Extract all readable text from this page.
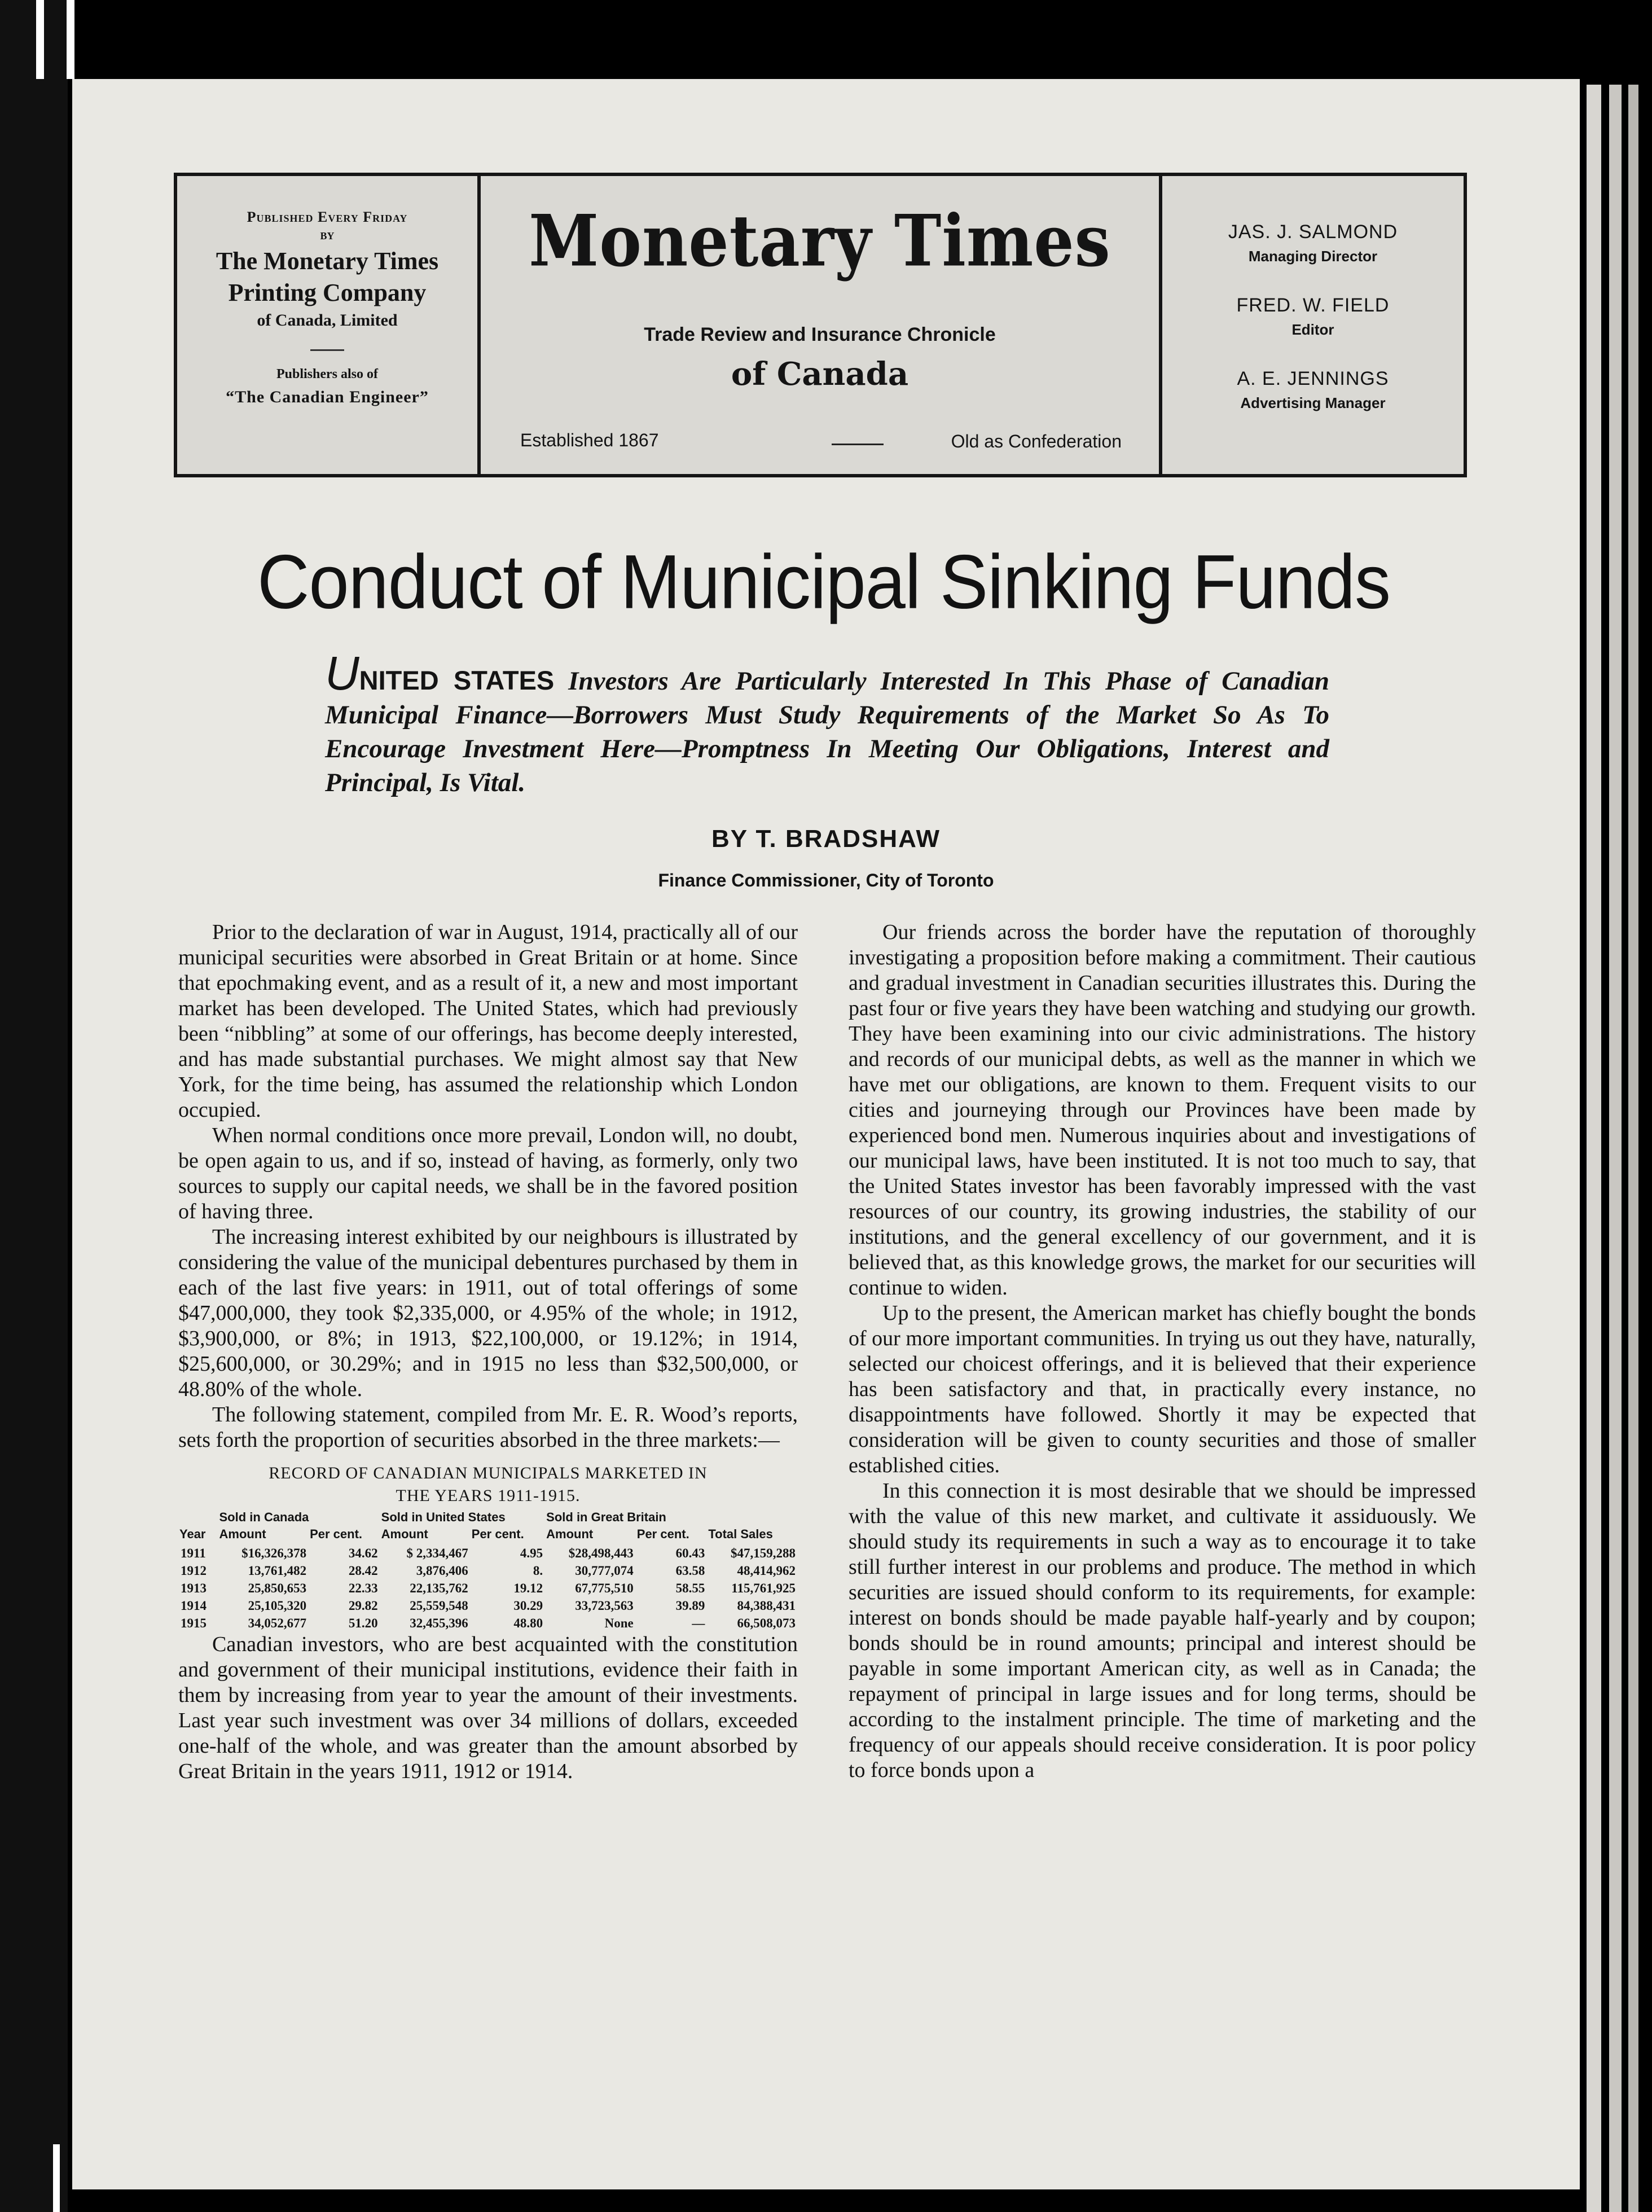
Published Every Friday
BY
The Monetary Times Printing Company
of Canada, Limited
Publishers also of
“The Canadian Engineer”
Monetary Times
Trade Review and Insurance Chronicle
of Canada
Established 1867	Old as Confederation
JAS. J. SALMOND
Managing Director
FRED. W. FIELD
Editor
A. E. JENNINGS
Advertising Manager
Conduct of Municipal Sinking Funds
UNITED STATES Investors Are Particularly Interested In This Phase of Canadian Municipal Finance—Borrowers Must Study Requirements of the Market So As To Encourage Investment Here—Promptness In Meeting Our Obligations, Interest and Principal, Is Vital.
BY T. BRADSHAW
Finance Commissioner, City of Toronto

Prior to the declaration of war in August, 1914, practically all of our municipal securities were absorbed in Great Britain or at home. Since that epochmaking event, and as a result of it, a new and most important market has been developed. The United States, which had previously been “nibbling” at some of our offerings, has become deeply interested, and has made substantial purchases. We might almost say that New York, for the time being, has assumed the relationship which London occupied.

When normal conditions once more prevail, London will, no doubt, be open again to us, and if so, instead of having, as formerly, only two sources to supply our capital needs, we shall be in the favored position of having three.

The increasing interest exhibited by our neighbours is illustrated by considering the value of the municipal debentures purchased by them in each of the last five years: in 1911, out of total offerings of some $47,000,000, they took $2,335,000, or 4.95% of the whole; in 1912, $3,900,000, or 8%; in 1913, $22,100,000, or 19.12%; in 1914, $25,600,000, or 30.29%; and in 1915 no less than $32,500,000, or 48.80% of the whole.

The following statement, compiled from Mr. E. R. Wood’s reports, sets forth the proportion of securities absorbed in the three markets:—

RECORD OF CANADIAN MUNICIPALS MARKETED IN
THE YEARS 1911-1915.
Year	Sold in Canada		Sold in United States		Sold in Great Britain		Total Sales
	Amount	Per cent.	Amount	Per cent.	Amount	Per cent.	
1911	$16,326,378	34.62	$ 2,334,467	4.95	$28,498,443	60.43	$47,159,288
1912	13,761,482	28.42	3,876,406	8.	30,777,074	63.58	48,414,962
1913	25,850,653	22.33	22,135,762	19.12	67,775,510	58.55	115,761,925
1914	25,105,320	29.82	25,559,548	30.29	33,723,563	39.89	84,388,431
1915	34,052,677	51.20	32,455,396	48.80	None	—	66,508,073

Canadian investors, who are best acquainted with the constitution and government of their municipal institutions, evidence their faith in them by increasing from year to year the amount of their investments. Last year such investment was over 34 millions of dollars, exceeded one-half of the whole, and was greater than the amount absorbed by Great Britain in the years 1911, 1912 or 1914.

Our friends across the border have the reputation of thoroughly investigating a proposition before making a commitment. Their cautious and gradual investment in Canadian securities illustrates this. During the past four or five years they have been watching and studying our growth. They have been examining into our civic administrations. The history and records of our municipal debts, as well as the manner in which we have met our obligations, are known to them. Frequent visits to our cities and journeying through our Provinces have been made by experienced bond men. Numerous inquiries about and investigations of our municipal laws, have been instituted. It is not too much to say, that the United States investor has been favorably impressed with the vast resources of our country, its growing industries, the stability of our institutions, and the general excellency of our government, and it is believed that, as this knowledge grows, the market for our securities will continue to widen.

Up to the present, the American market has chiefly bought the bonds of our more important communities. In trying us out they have, naturally, selected our choicest offerings, and it is believed that their experience has been satisfactory and that, in practically every instance, no disappointments have followed. Shortly it may be expected that consideration will be given to county securities and those of smaller established cities.

In this connection it is most desirable that we should be impressed with the value of this new market, and cultivate it assiduously. We should study its requirements in such a way as to encourage it to take still further interest in our problems and produce. The method in which securities are issued should conform to its requirements, for example: interest on bonds should be made payable half-yearly and by coupon; bonds should be in round amounts; principal and interest should be payable in some important American city, as well as in Canada; the repayment of principal in large issues and for long terms, should be according to the instalment principle. The time of marketing and the frequency of our appeals should receive consideration. It is poor policy to force bonds upon a
